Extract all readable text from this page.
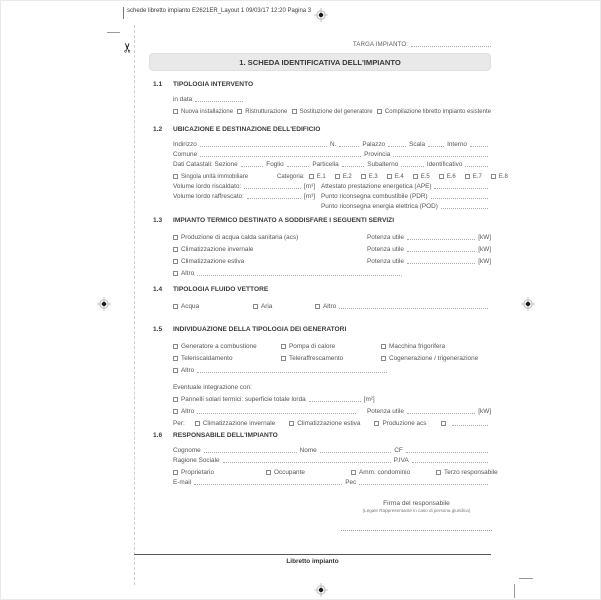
schede libretto impianto E2621ER_Layout 1 09/03/17 12:20 Pagina 3
✂	TARGA IMPIANTO:
1. SCHEDA IDENTIFICATIVA DELL'IMPIANTO
1.1	TIPOLOGIA INTERVENTO
in data
Nuova installazione Ristrutturazione Sostituzione del generatore Compilazione libretto impianto esistente
1.2	UBICAZIONE E DESTINAZIONE DELL'EDIFICIO
Indirizzo	N.	Palazzo	Scala	Interno
Comune	Provincia
Dati Catastali: Sezione	Foglio	Particella	Subalterno	Identificativo
Singola unità immobiliare	Categoria: E.1	E.2	E.3	E.4	E.5	E.6	E.7	E.8
Volume lordo riscaldato:	[m³] Attestato prestazione energetica (APE)
Volume lordo raffrescato:	[m³] Punto riconsegna combustibile (PDR)
Punto riconsegna energia elettrica (POD)
1.3	IMPIANTO TERMICO DESTINATO A SODDISFARE I SEGUENTI SERVIZI
Produzione di acqua calda sanitaria (acs)	Potenza utile	[kW]
Climatizzazione invernale	Potenza utile	[kW]
Climatizzazione estiva	Potenza utile	[kW]
Altro
1.4	TIPOLOGIA FLUIDO VETTORE
Acqua	Aria	Altro
1.5	INDIVIDUAZIONE DELLA TIPOLOGIA DEI GENERATORI
Generatore a combustione	Pompa di calore	Macchina frigorifera
Teleriscaldamento	Teleraffrescamento	Cogenerazione / trigenerazione
Altro
Eventuale integrazione con:
Pannelli solari termici: superficie totale lorda	[m²]
Altro	Potenza utile	[kW]
Per:	Climatizzazione invernale	Climatizzazione estiva	Produzione acs
1.6	RESPONSABILE DELL'IMPIANTO
Cognome	Nome	CF
Ragione Sociale	P.IVA
Proprietario	Occupante	Amm. condominio	Terzo responsabile
E-mail	Pec
Firma del responsabile
(Legale Rappresentante in caso di persona giuridica)
Libretto impianto
